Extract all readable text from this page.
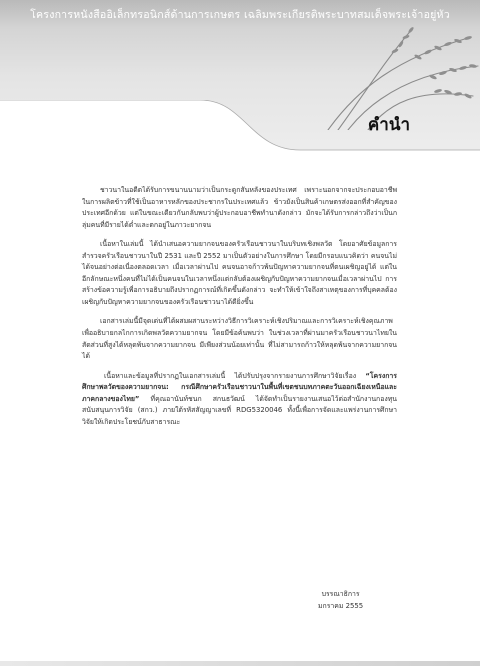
โครงการหนังสืออิเล็กทรอนิกส์ด้านการเกษตร เฉลิมพระเกียรติพระบาทสมเด็จพระเจ้าอยู่หัว
คำนำ

ชาวนาในอดีตได้รับการขนานนามว่าเป็นกระดูกสันหลังของประเทศ เพราะนอกจากจะประกอบอาชีพในการผลิตข้าวที่ใช้เป็นอาหารหลักของประชากรในประเทศแล้ว ข้าวยังเป็นสินค้าเกษตรส่งออกที่สำคัญของประเทศอีกด้วย แต่ในขณะเดียวกันกลับพบว่าผู้ประกอบอาชีพทำนาดังกล่าว มักจะได้รับการกล่าวถึงว่าเป็นกลุ่มคนที่มีรายได้ต่ำและตกอยู่ในภาวะยากจน

เนื้อหาในเล่มนี้ ได้นำเสนอความยากจนของครัวเรือนชาวนาในบริบทเชิงพลวัต โดยอาศัยข้อมูลการสำรวจครัวเรือนชาวนาในปี 2531 และปี 2552 มาเป็นตัวอย่างในการศึกษา โดยมีกรอบแนวคิดว่า คนจนไม่ได้จนอย่างต่อเนื่องตลอดเวลา เมื่อเวลาผ่านไป คนจนอาจก้าวพ้นปัญหาความยากจนที่ตนเผชิญอยู่ได้ แต่ในอีกลักษณะหนึ่งคนที่ไม่ได้เป็นคนจนในเวลาหนึ่งแต่กลับต้องเผชิญกับปัญหาความยากจนเมื่อเวลาผ่านไป การสร้างข้อความรู้เพื่อการอธิบายถึงปรากฏการณ์ที่เกิดขึ้นดังกล่าว จะทำให้เข้าใจถึงสาเหตุของการที่บุคคลต้องเผชิญกับปัญหาความยากจนของครัวเรือนชาวนาได้ดียิ่งขึ้น

เอกสารเล่มนี้มีจุดเด่นที่ได้ผสมผสานระหว่างวิธีการวิเคราะห์เชิงปริมาณและการวิเคราะห์เชิงคุณภาพ เพื่ออธิบายกลไกการเกิดพลวัตความยากจน โดยมีข้อค้นพบว่า ในช่วงเวลาที่ผ่านมาครัวเรือนชาวนาไทยในสัดส่วนที่สูงได้หลุดพ้นจากความยากจน มีเพียงส่วนน้อยเท่านั้น ที่ไม่สามารถก้าวให้หลุดพ้นจากความยากจนได้

เนื้อหาและข้อมูลที่ปรากฏในเอกสารเล่มนี้ ได้ปรับปรุงจากรายงานการศึกษาวิจัยเรื่อง “โครงการศึกษาพลวัตของความยากจน: กรณีศึกษาครัวเรือนชาวนาในพื้นที่เขตชนบทภาคตะวันออกเฉียงเหนือและภาคกลางของไทย” ที่คุณอานันท์ชนก สกนธวัฒน์ ได้จัดทำเป็นรายงานเสนอไว้ต่อสำนักงานกองทุนสนับสนุนการวิจัย (สกว.) ภายใต้รหัสสัญญาเลขที่ RDG5320046 ทั้งนี้เพื่อการจัดและแพร่งานการศึกษาวิจัยให้เกิดประโยชน์กับสาธารณะ

บรรณาธิการ
มกราคม 2555
